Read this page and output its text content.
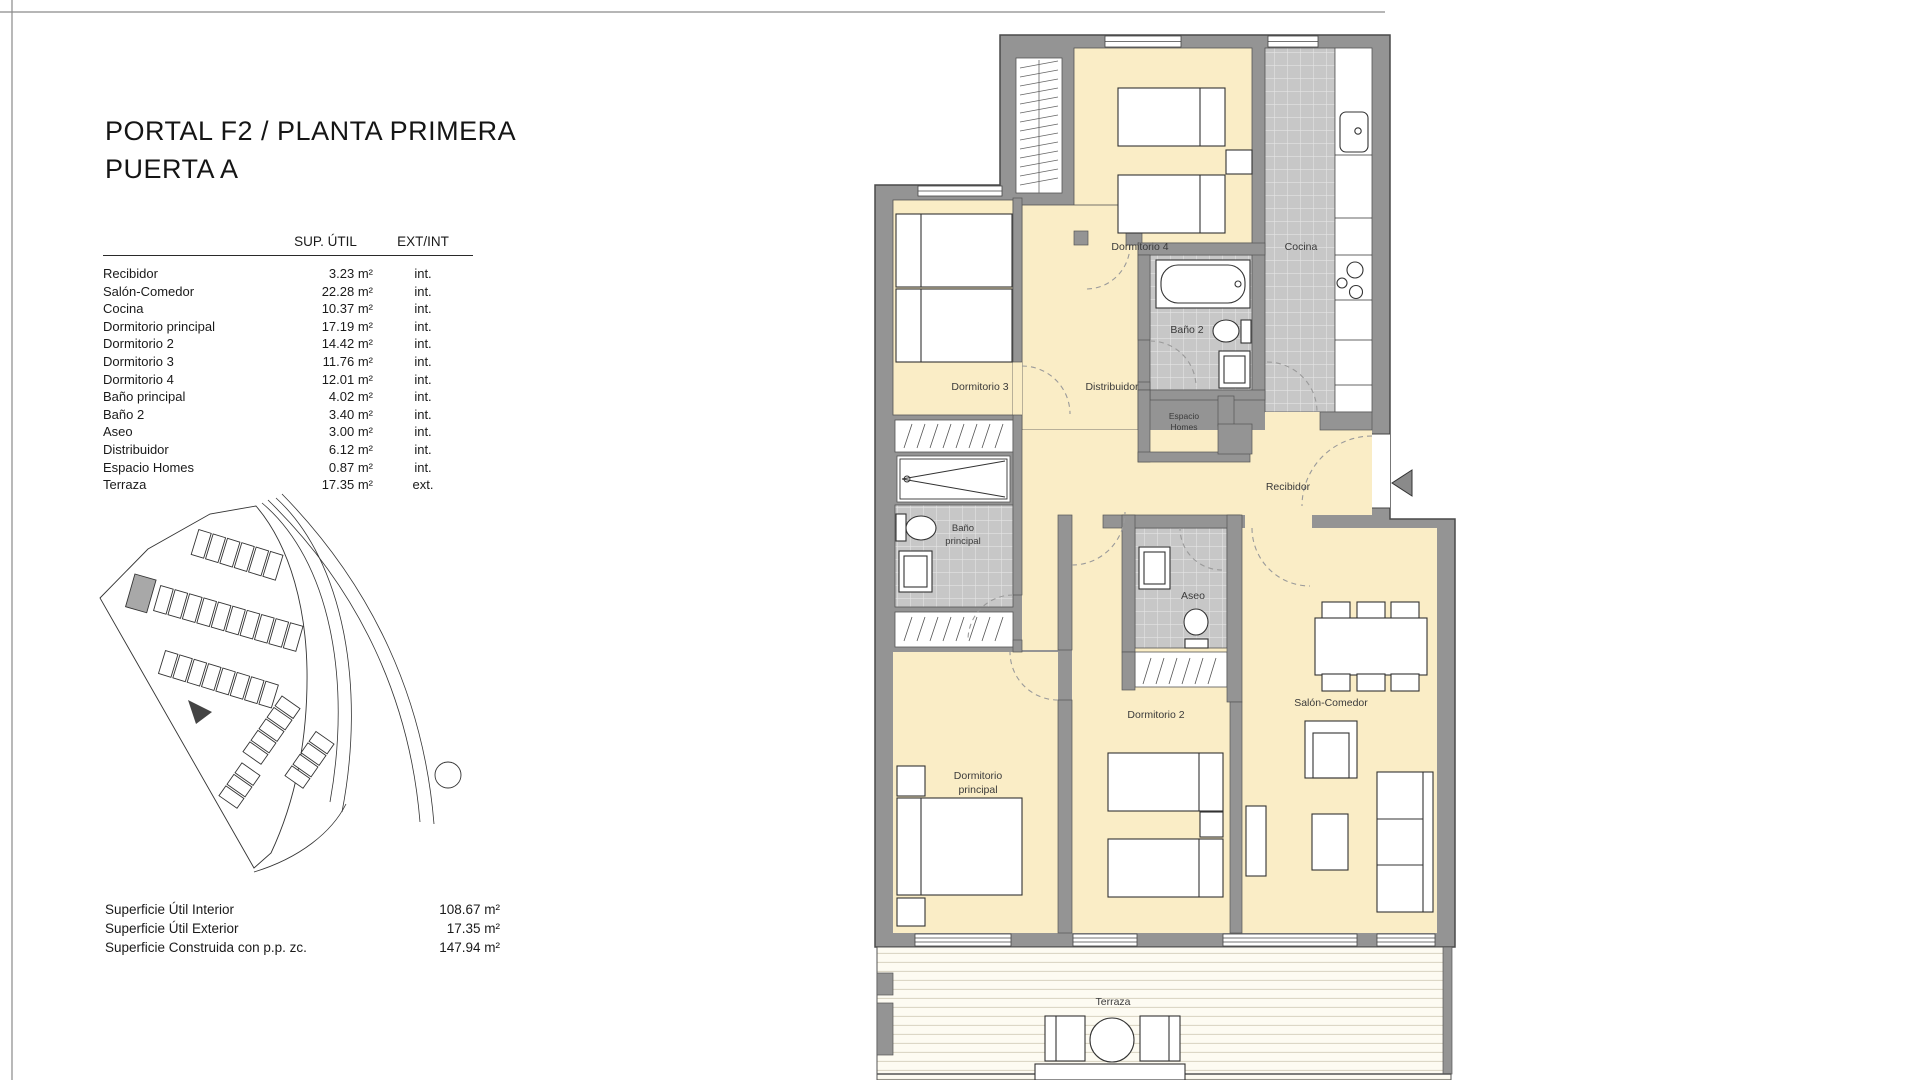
Dormitorio 4	Cocina
Dormitorio 3	Distribuidor
Baño 2
Espacio
Homes
Recibidor
Baño
principal
Aseo
Dormitorio 2
Salón-Comedor
Dormitorio
principal
Terraza
PORTAL F2 / PLANTA PRIMERA
PUERTA A
SUP. ÚTIL	EXT/INT
Recibidor	3.23 m²	int.
Salón-Comedor	22.28 m²	int.
Cocina	10.37 m²	int.
Dormitorio principal	17.19 m²	int.
Dormitorio 2	14.42 m²	int.
Dormitorio 3	11.76 m²	int.
Dormitorio 4	12.01 m²	int.
Baño principal	4.02 m²	int.
Baño 2	3.40 m²	int.
Aseo	3.00 m²	int.
Distribuidor	6.12 m²	int.
Espacio Homes	0.87 m²	int.
Terraza	17.35 m²	ext.
Superficie Útil Interior	108.67 m²
Superficie Útil Exterior	17.35 m²
Superficie Construida con p.p. zc.	147.94 m²
